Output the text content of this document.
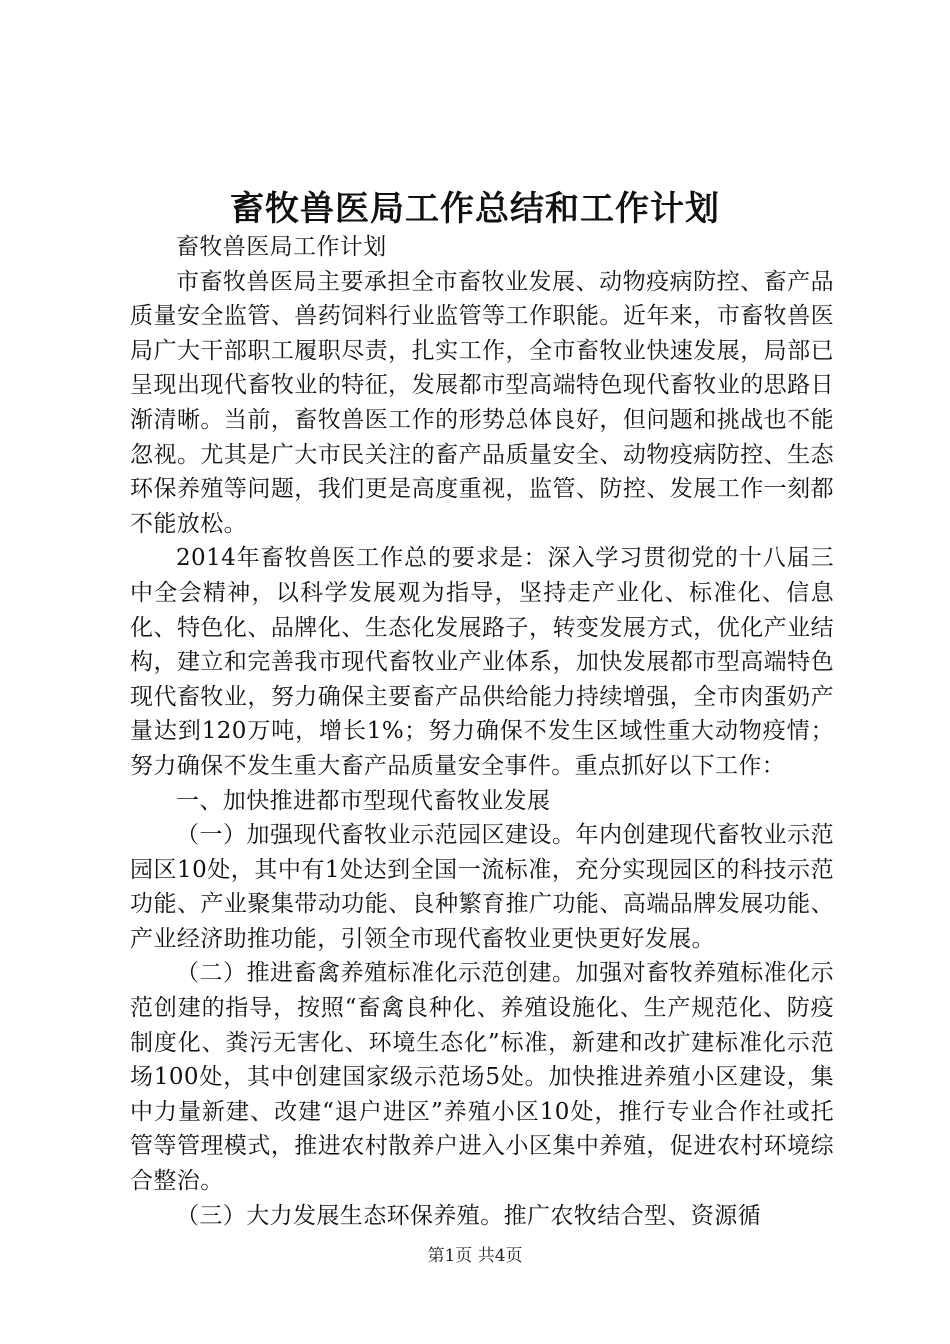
畜牧兽医局工作总结和工作计划

畜牧兽医局工作计划

市畜牧兽医局主要承担全市畜牧业发展、动物疫病防控、畜产品质量安全监管、兽药饲料行业监管等工作职能。近年来，市畜牧兽医局广大干部职工履职尽责，扎实工作，全市畜牧业快速发展，局部已呈现出现代畜牧业的特征，发展都市型高端特色现代畜牧业的思路日渐清晰。当前，畜牧兽医工作的形势总体良好，但问题和挑战也不能忽视。尤其是广大市民关注的畜产品质量安全、动物疫病防控、生态环保养殖等问题，我们更是高度重视，监管、防控、发展工作一刻都不能放松。

2014年畜牧兽医工作总的要求是：深入学习贯彻党的十八届三中全会精神，以科学发展观为指导，坚持走产业化、标准化、信息化、特色化、品牌化、生态化发展路子，转变发展方式，优化产业结构，建立和完善我市现代畜牧业产业体系，加快发展都市型高端特色现代畜牧业，努力确保主要畜产品供给能力持续增强，全市肉蛋奶产量达到120万吨，增长1%；努力确保不发生区域性重大动物疫情；努力确保不发生重大畜产品质量安全事件。重点抓好以下工作：

一、加快推进都市型现代畜牧业发展

（一）加强现代畜牧业示范园区建设。年内创建现代畜牧业示范园区10处，其中有1处达到全国一流标准，充分实现园区的科技示范功能、产业聚集带动功能、良种繁育推广功能、高端品牌发展功能、产业经济助推功能，引领全市现代畜牧业更快更好发展。

（二）推进畜禽养殖标准化示范创建。加强对畜牧养殖标准化示范创建的指导，按照“畜禽良种化、养殖设施化、生产规范化、防疫制度化、粪污无害化、环境生态化”标准，新建和改扩建标准化示范场100处，其中创建国家级示范场5处。加快推进养殖小区建设，集中力量新建、改建“退户进区”养殖小区10处，推行专业合作社或托管等管理模式，推进农村散养户进入小区集中养殖，促进农村环境综合整治。

（三）大力发展生态环保养殖。推广农牧结合型、资源循

第1页 共4页
